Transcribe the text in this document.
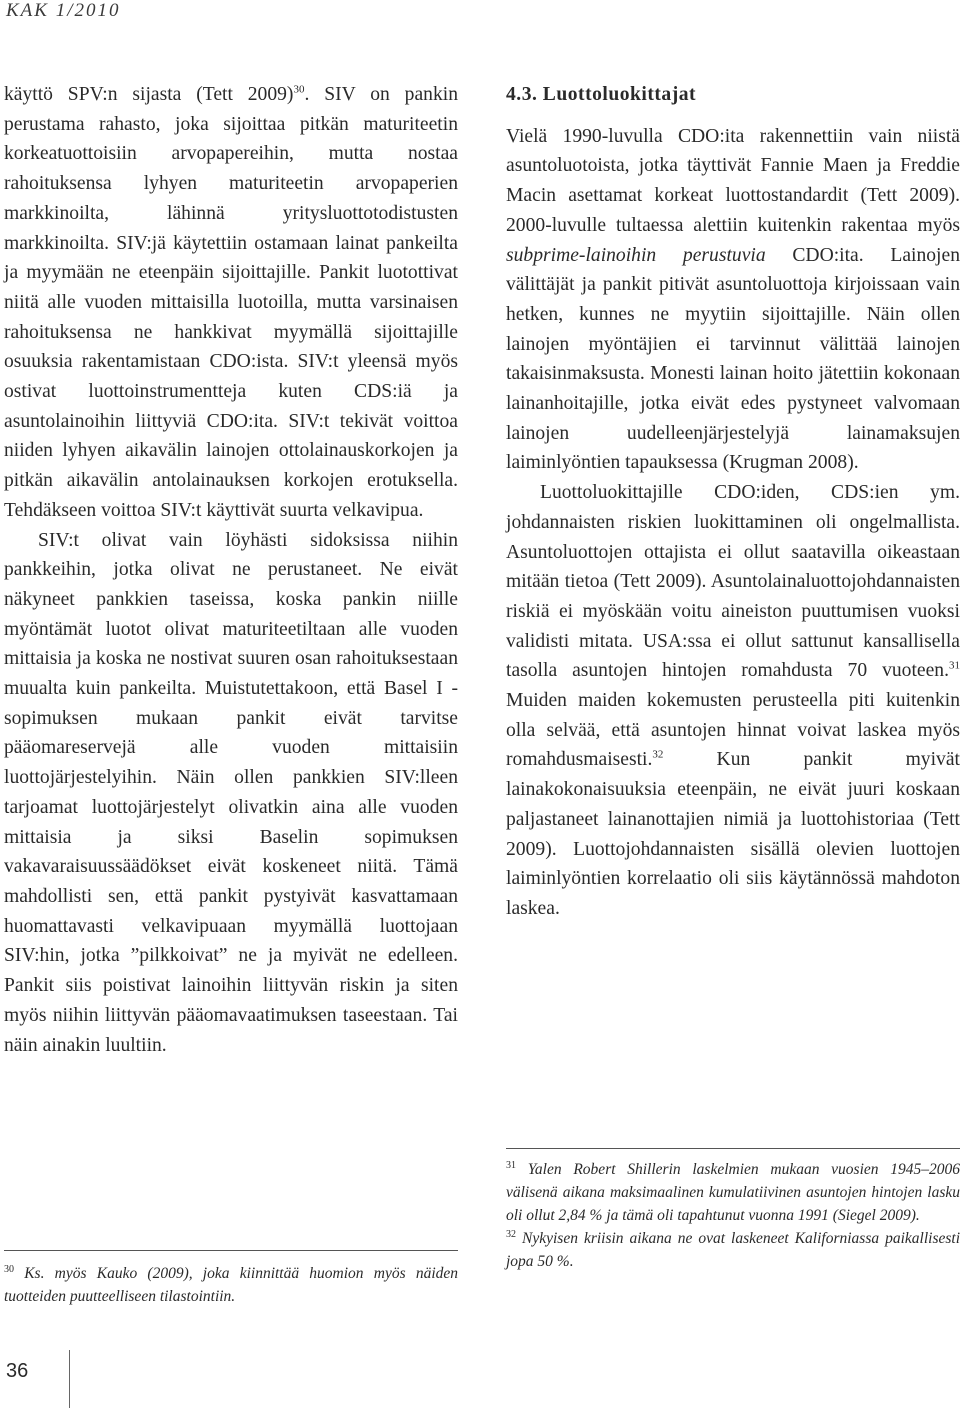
KAK 1/2010

käyttö SPV:n sijasta (Tett 2009)$^{30}$. SIV on pankin perustama rahasto, joka sijoittaa pitkän maturiteetin korkeatuottoisiin arvopapereihin, mutta nostaa rahoituksensa lyhyen maturiteetin arvopaperien markkinoilta, lähinnä yritysluottotodistusten markkinoilta. SIV:jä käytettiin ostamaan lainat pankeilta ja myymään ne eteenpäin sijoittajille. Pankit luotottivat niitä alle vuoden mittaisilla luotoilla, mutta varsinaisen rahoituksensa ne hankkivat myymällä sijoittajille osuuksia rakentamistaan CDO:ista. SIV:t yleensä myös ostivat luottoinstrumentteja kuten CDS:iä ja asuntolainoihin liittyviä CDO:ita. SIV:t tekivät voittoa niiden lyhyen aikavälin lainojen ottolainauskorkojen ja pitkän aikavälin antolainauksen korkojen erotuksella. Tehdäkseen voittoa SIV:t käyttivät suurta velkavipua.

SIV:t olivat vain löyhästi sidoksissa niihin pankkeihin, jotka olivat ne perustaneet. Ne eivät näkyneet pankkien taseissa, koska pankin niille myöntämät luotot olivat maturiteetiltaan alle vuoden mittaisia ja koska ne nostivat suuren osan rahoituksestaan muualta kuin pankeilta. Muistutettakoon, että Basel I -sopimuksen mukaan pankit eivät tarvitse pääomareservejä alle vuoden mittaisiin luottojärjestelyihin. Näin ollen pankkien SIV:lleen tarjoamat luottojärjestelyt olivatkin aina alle vuoden mittaisia ja siksi Baselin sopimuksen vakavaraisuussäädökset eivät koskeneet niitä. Tämä mahdollisti sen, että pankit pystyivät kasvattamaan huomattavasti velkavipuaan myymällä luottojaan SIV:hin, jotka ”pilkkoivat” ne ja myivät ne edelleen. Pankit siis poistivat lainoihin liittyvän riskin ja siten myös niihin liittyvän pääomavaatimuksen taseestaan. Tai näin ainakin luultiin.

$^{30}$ Ks. myös Kauko (2009), joka kiinnittää huomion myös näiden tuotteiden puutteelliseen tilastointiin.

4.3. Luottoluokittajat

Vielä 1990-luvulla CDO:ita rakennettiin vain niistä asuntoluotoista, jotka täyttivät Fannie Maen ja Freddie Macin asettamat korkeat luottostandardit (Tett 2009). 2000-luvulle tultaessa alettiin kuitenkin rakentaa myös subprime-lainoihin perustuvia CDO:ita. Lainojen välittäjät ja pankit pitivät asuntoluottoja kirjoissaan vain hetken, kunnes ne myytiin sijoittajille. Näin ollen lainojen myöntäjien ei tarvinnut välittää lainojen takaisinmaksusta. Monesti lainan hoito jätettiin kokonaan lainanhoitajille, jotka eivät edes pystyneet valvomaan lainojen uudelleenjärjestelyjä lainamaksujen laiminlyöntien tapauksessa (Krugman 2008).

Luottoluokittajille CDO:iden, CDS:ien ym. johdannaisten riskien luokittaminen oli ongelmallista. Asuntoluottojen ottajista ei ollut saatavilla oikeastaan mitään tietoa (Tett 2009). Asuntolainaluottojohdannaisten riskiä ei myöskään voitu aineiston puuttumisen vuoksi validisti mitata. USA:ssa ei ollut sattunut kansallisella tasolla asuntojen hintojen romahdusta 70 vuoteen.$^{31}$ Muiden maiden kokemusten perusteella piti kuitenkin olla selvää, että asuntojen hinnat voivat laskea myös romahdusmaisesti.$^{32}$ Kun pankit myivät lainakokonaisuuksia eteenpäin, ne eivät juuri koskaan paljastaneet lainanottajien nimiä ja luottohistoriaa (Tett 2009). Luottojohdannaisten sisällä olevien luottojen laiminlyöntien korrelaatio oli siis käytännössä mahdoton laskea.

$^{31}$ Yalen Robert Shillerin laskelmien mukaan vuosien 1945–2006 välisenä aikana maksimaalinen kumulatiivinen asuntojen hintojen lasku oli ollut 2,84 % ja tämä oli tapahtunut vuonna 1991 (Siegel 2009).

$^{32}$ Nykyisen kriisin aikana ne ovat laskeneet Kaliforniassa paikallisesti jopa 50 %.

36
